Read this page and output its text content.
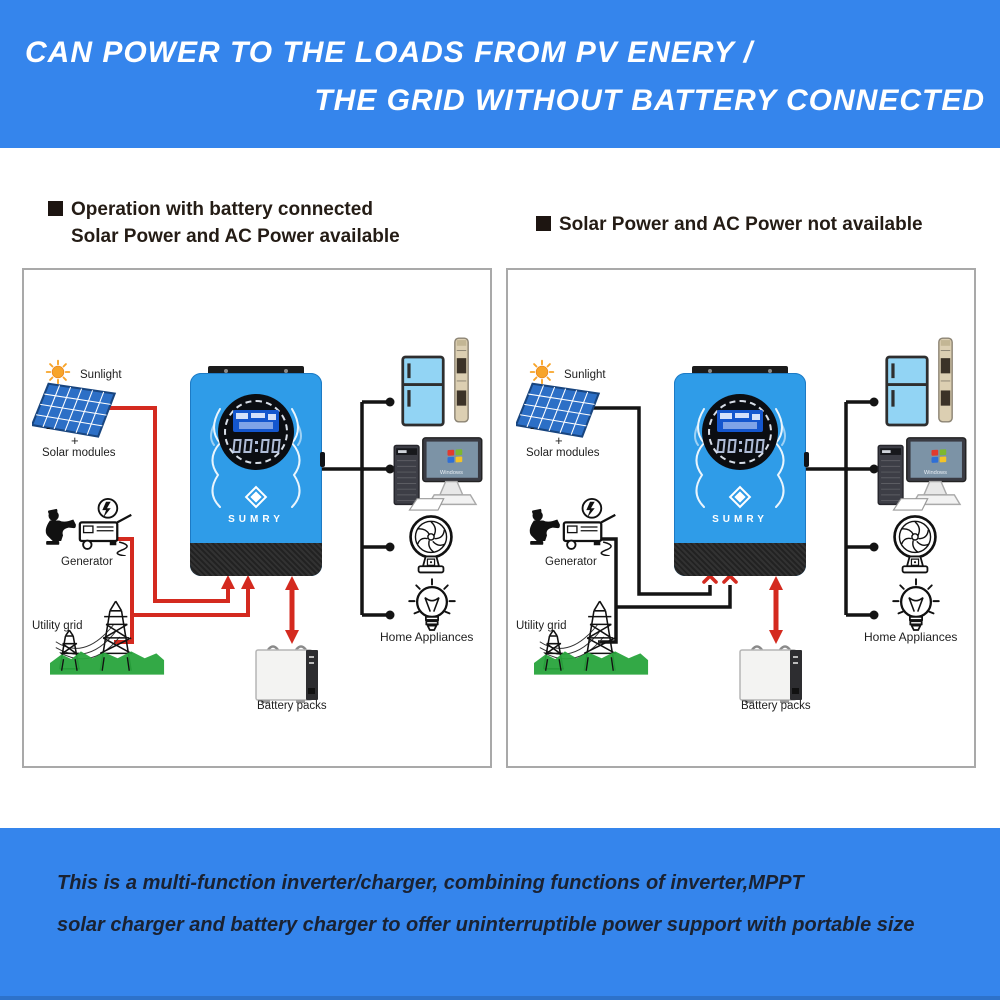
CAN POWER TO THE LOADS FROM PV ENERY /
THE GRID WITHOUT BATTERY CONNECTED
Operation with battery connected
Solar Power and AC Power available
Solar Power and AC Power not available
Sunlight
-
+
Solar modules
Generator
Utility grid
SUMRY
Home Appliances
Battery packs
Sunlight
-
+
Solar modules
Generator
Utility grid
SUMRY
Home Appliances
Battery packs
This is a multi-function inverter/charger, combining functions of inverter,MPPT
solar charger and battery charger to offer uninterruptible power support with portable size
